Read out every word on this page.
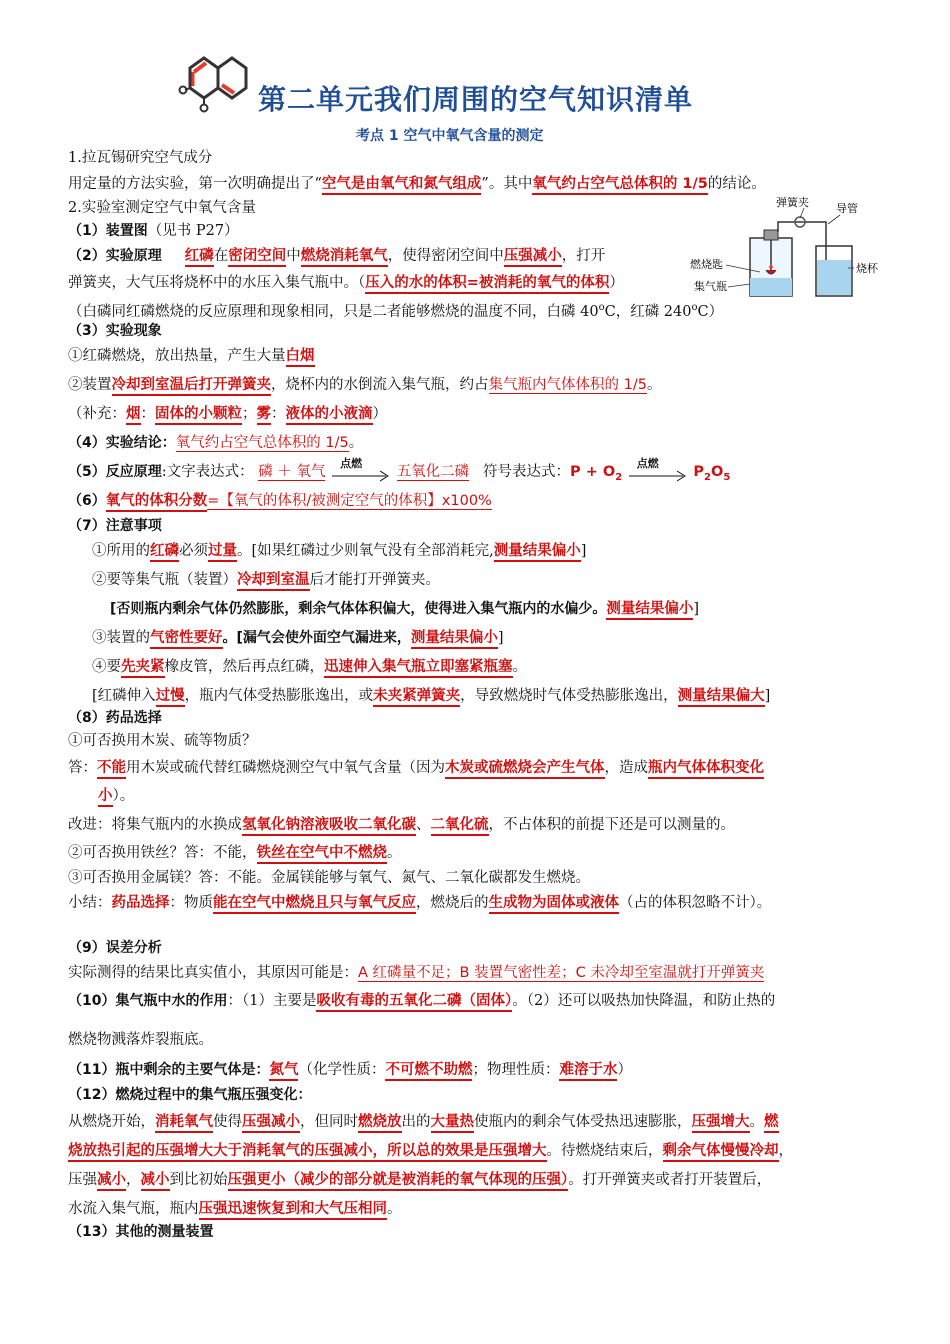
第二单元我们周围的空气知识清单
考点 1 空气中氧气含量的测定
弹簧夹 导管
燃烧匙
集气瓶
烧杯
1.拉瓦锡研究空气成分
用定量的方法实验，第一次明确提出了“空气是由氧气和氮气组成”。其中氧气约占空气总体积的 1/5的结论。
2.实验室测定空气中氧气含量
（1）装置图（见书 P27）
（2）实验原理 红磷在密闭空间中燃烧消耗氧气，使得密闭空间中压强减小，打开
弹簧夹，大气压将烧杯中的水压入集气瓶中。（压入的水的体积=被消耗的氧气的体积）
（白磷同红磷燃烧的反应原理和现象相同，只是二者能够燃烧的温度不同，白磷 40$^o$C，红磷 240$^o$C）
（3）实验现象
①红磷燃烧，放出热量，产生大量白烟
②装置冷却到室温后打开弹簧夹，烧杯内的水倒流入集气瓶，约占集气瓶内气体体积的 1/5。
（补充：烟：固体的小颗粒；雾：液体的小液滴）
（4）实验结论：氧气约占空气总体积的 1/5。
（5）反应原理:文字表达式： 磷 ＋ 氧气
点燃
五氧化二磷 符号表达式：$P + O_2$
点燃
$P_2O_5$
（6）氧气的体积分数=【氧气的体积/被测定空气的体积】x100%
（7）注意事项
①所用的红磷必须过量。[如果红磷过少则氧气没有全部消耗完,测量结果偏小]
②要等集气瓶（装置）冷却到室温后才能打开弹簧夹。
[否则瓶内剩余气体仍然膨胀，剩余气体体积偏大，使得进入集气瓶内的水偏少。测量结果偏小]
③装置的气密性要好。[漏气会使外面空气漏进来，测量结果偏小]
④要先夹紧橡皮管，然后再点红磷，迅速伸入集气瓶立即塞紧瓶塞。
[红磷伸入过慢，瓶内气体受热膨胀逸出，或未夹紧弹簧夹，导致燃烧时气体受热膨胀逸出，测量结果偏大]
（8）药品选择
①可否换用木炭、硫等物质？
答：不能用木炭或硫代替红磷燃烧测空气中氧气含量（因为木炭或硫燃烧会产生气体，造成瓶内气体体积变化
小）。
改进：将集气瓶内的水换成氢氧化钠溶液吸收二氧化碳、二氧化硫，不占体积的前提下还是可以测量的。
②可否换用铁丝？答：不能，铁丝在空气中不燃烧。
③可否换用金属镁？答：不能。金属镁能够与氧气、氮气、二氧化碳都发生燃烧。
小结：药品选择：物质能在空气中燃烧且只与氧气反应，燃烧后的生成物为固体或液体（占的体积忽略不计）。
（9）误差分析
实际测得的结果比真实值小，其原因可能是：A 红磷量不足；B 装置气密性差；C 未冷却至室温就打开弹簧夹
（10）集气瓶中水的作用：（1）主要是吸收有毒的五氧化二磷（固体）。（2）还可以吸热加快降温，和防止热的
燃烧物溅落炸裂瓶底。
（11）瓶中剩余的主要气体是：氮气（化学性质：不可燃不助燃；物理性质：难溶于水）
（12）燃烧过程中的集气瓶压强变化：
从燃烧开始，消耗氧气使得压强减小，但同时燃烧放出的大量热使瓶内的剩余气体受热迅速膨胀，压强增大。燃
烧放热引起的压强增大大于消耗氧气的压强减小，所以总的效果是压强增大。待燃烧结束后，剩余气体慢慢冷却，
压强减小，减小到比初始压强更小（减少的部分就是被消耗的氧气体现的压强）。打开弹簧夹或者打开装置后，
水流入集气瓶，瓶内压强迅速恢复到和大气压相同。
（13）其他的测量装置
